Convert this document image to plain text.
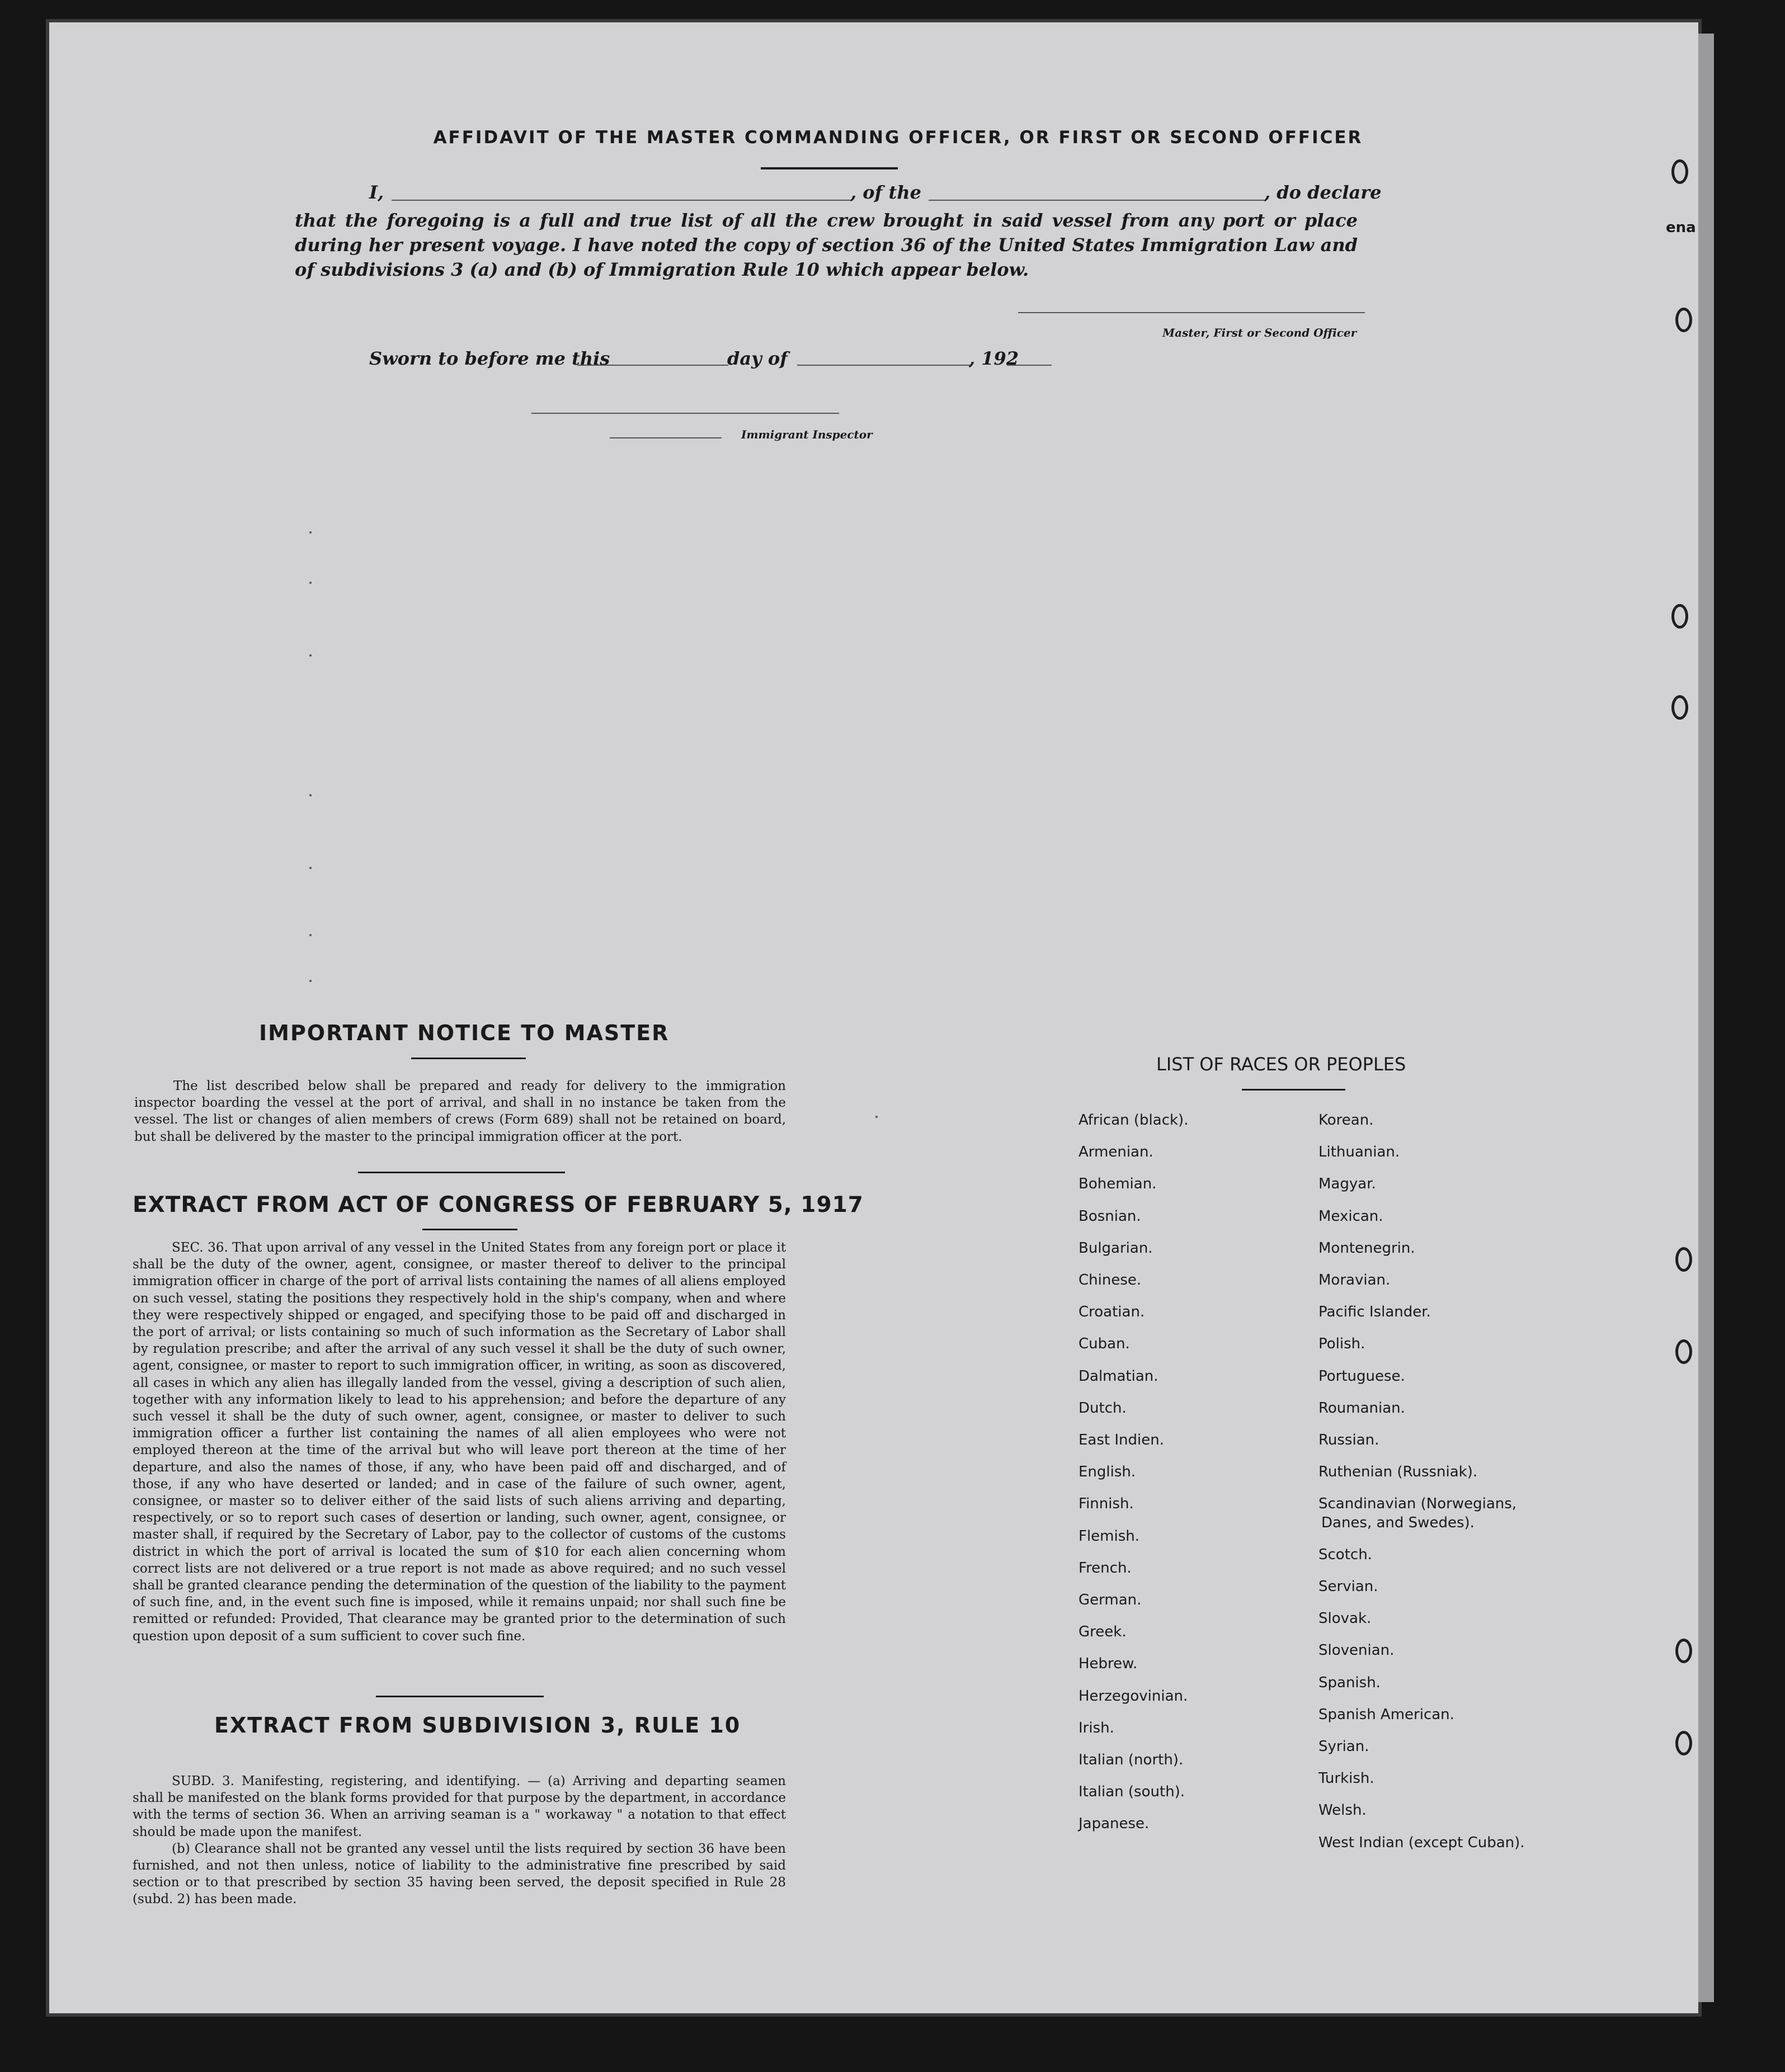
ena
AFFIDAVIT OF THE MASTER COMMANDING OFFICER, OR FIRST OR SECOND OFFICER
I,	, of the	, do declare
that the foregoing is a full and true list of all the crew brought in said vessel from any port or place during her present voyage. I have noted the copy of section 36 of the United States Immigration Law and of subdivisions 3 (a) and (b) of Immigration Rule 10 which appear below.
Master, First or Second Officer
Sworn to before me this	day of	, 192
Immigrant Inspector
IMPORTANT NOTICE TO MASTER

The list described below shall be prepared and ready for delivery to the immigration inspector boarding the vessel at the port of arrival, and shall in no instance be taken from the vessel. The list or changes of alien members of crews (Form 689) shall not be retained on board, but shall be delivered by the master to the principal immigration officer at the port.

EXTRACT FROM ACT OF CONGRESS OF FEBRUARY 5, 1917

SEC. 36. That upon arrival of any vessel in the United States from any foreign port or place it shall be the duty of the owner, agent, consignee, or master thereof to deliver to the principal immigration officer in charge of the port of arrival lists containing the names of all aliens employed on such vessel, stating the positions they respectively hold in the ship's company, when and where they were respectively shipped or engaged, and specifying those to be paid off and discharged in the port of arrival; or lists containing so much of such information as the Secretary of Labor shall by regulation prescribe; and after the arrival of any such vessel it shall be the duty of such owner, agent, consignee, or master to report to such immigration officer, in writing, as soon as discovered, all cases in which any alien has illegally landed from the vessel, giving a description of such alien, together with any information likely to lead to his apprehension; and before the departure of any such vessel it shall be the duty of such owner, agent, consignee, or master to deliver to such immigration officer a further list containing the names of all alien employees who were not employed thereon at the time of the arrival but who will leave port thereon at the time of her departure, and also the names of those, if any, who have been paid off and discharged, and of those, if any who have deserted or landed; and in case of the failure of such owner, agent, consignee, or master so to deliver either of the said lists of such aliens arriving and departing, respectively, or so to report such cases of desertion or landing, such owner, agent, consignee, or master shall, if required by the Secretary of Labor, pay to the collector of customs of the customs district in which the port of arrival is located the sum of $10 for each alien concerning whom correct lists are not delivered or a true report is not made as above required; and no such vessel shall be granted clearance pending the determination of the question of the liability to the payment of such fine, and, in the event such fine is imposed, while it remains unpaid; nor shall such fine be remitted or refunded: Provided, That clearance may be granted prior to the determination of such question upon deposit of a sum sufficient to cover such fine.

EXTRACT FROM SUBDIVISION 3, RULE 10

SUBD. 3. Manifesting, registering, and identifying. — (a) Arriving and departing seamen shall be manifested on the blank forms provided for that purpose by the department, in accordance with the terms of section 36. When an arriving seaman is a " workaway " a notation to that effect should be made upon the manifest.

(b) Clearance shall not be granted any vessel until the lists required by section 36 have been furnished, and not then unless, notice of liability to the administrative fine prescribed by said section or to that prescribed by section 35 having been served, the deposit specified in Rule 28 (subd. 2) has been made.

LIST OF RACES OR PEOPLES
African (black).
Armenian.
Bohemian.
Bosnian.
Bulgarian.
Chinese.
Croatian.
Cuban.
Dalmatian.
Dutch.
East Indien.
English.
Finnish.
Flemish.
French.
German.
Greek.
Hebrew.
Herzegovinian.
Irish.
Italian (north).
Italian (south).
Japanese.
Korean.
Lithuanian.
Magyar.
Mexican.
Montenegrin.
Moravian.
Pacific Islander.
Polish.
Portuguese.
Roumanian.
Russian.
Ruthenian (Russniak).
Scandinavian (Norwegians,
Danes, and Swedes).
Scotch.
Servian.
Slovak.
Slovenian.
Spanish.
Spanish American.
Syrian.
Turkish.
Welsh.
West Indian (except Cuban).
